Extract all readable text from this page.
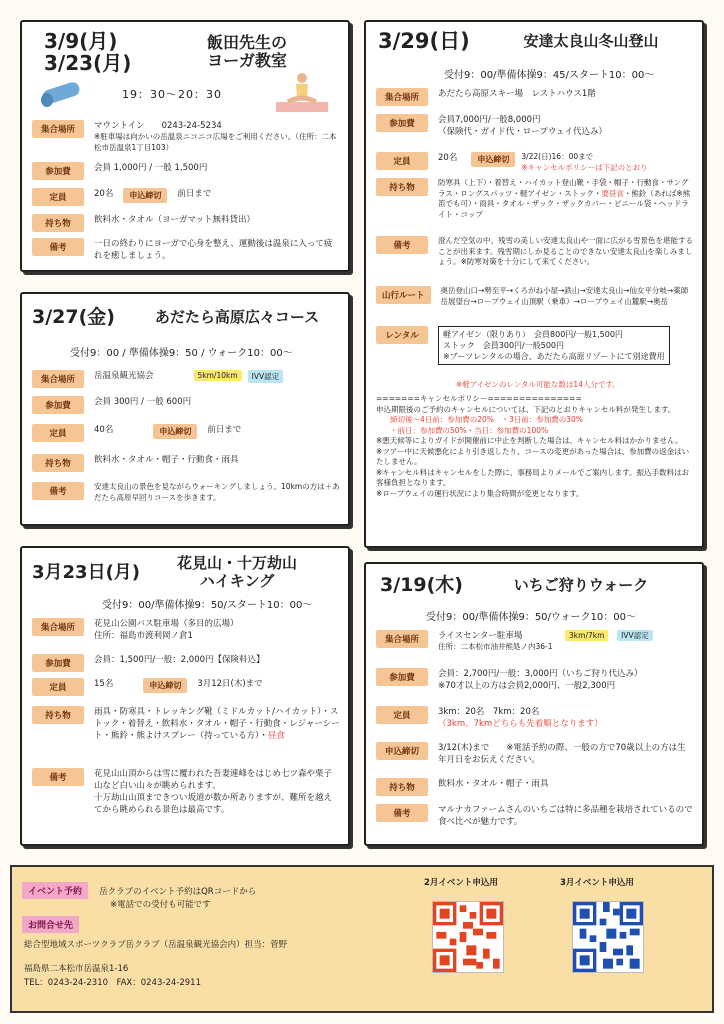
3/9(月)
3/23(月)
飯田先生の
ヨーガ教室
19：30〜20：30
集合場所	マウントイン　　0243-24-5234
※駐車場は向かいの岳温泉ニコニコ広場をご利用ください。（住所：二本松市岳温泉1丁目103）
参加費	会員 1,000円 / 一般 1,500円
定員	20名	申込締切	前日まで
持ち物	飲料水・タオル（ヨーガマット無料貸出）
備考	一日の終わりにヨーガで心身を整え、運動後は温泉に入って疲れを癒しましょう。
3/27(金)	あだたら高原広々コース
受付9：00 / 準備体操9：50 / ウォーク10：00〜
集合場所	岳温泉観光協会	5km/10km	IVV認定
参加費	会員 300円 / 一般 600円
定員	40名	申込締切	前日まで
持ち物	飲料水・タオル・帽子・行動食・雨具
備考
安達太良山の景色を見ながらウォーキングしましょう。10kmの方は＋あだたら高原早回りコースを歩きます。
3月23日(月)	花見山・十万劫山
ハイキング
受付9：00/準備体操9：50/スタート10：00〜
集合場所	花見山公園バス駐車場（多目的広場）
住所：福島市渡利岡ノ倉1
参加費	会員：1,500円/一般：2,000円【保険料込】
定員	15名	申込締切	3月12日(木)まで
持ち物	雨具・防寒具・トレッキング靴（ミドルカット/ハイカット）・ストック・着替え・飲料水・タオル・帽子・行動食・レジャーシート・熊鈴・熊よけスプレー（持っている方）・昼食
備考	花見山山頂からは雪に覆われた吾妻連峰をはじめ七ツ森や栗子山など白い山々が眺められます。
十万劫山山頂まできつい坂道が数か所ありますが、難所を越えてから眺められる景色は最高です。
3/29(日)	安達太良山冬山登山
受付9：00/準備体操9：45/スタート10：00〜
集合場所	あだたら高原スキー場　レストハウス1階
参加費	会員7,000円/一般8,000円
（保険代・ガイド代・ロープウェイ代込み）
定員	20名	申込締切	3/22(日)16：00まで
※キャンセルポリシーは下記のとおり
持ち物
防寒具（上下）・着替え・ハイカット登山靴・手袋・帽子・行動食・サングラス・ロングスパッツ・軽アイゼン・ストック・要昼食・熊鈴（あれば※熊笛でも可）・雨具・タオル・ザック・ザックカバー・ビニール袋・ヘッドライト・コップ
備考
澄んだ空気の中、残雪の美しい安達太良山や一面に広がる雪景色を堪能することが出来ます。残雪期にしか見ることのできない安達太良山を楽しみましょう。※防寒対策を十分にして来てください。
山行ルート
奥岳登山口→勢至平→くろがね小屋→鉄山→安達太良山→仙女平分岐→薬師岳展望台→ロープウェイ山頂駅（乗車）→ロープウェイ山麓駅→奥岳
レンタル	軽アイゼン（限りあり）　会員800円/一般1,500円
ストック　会員300円/一般500円
※ブーツレンタルの場合、あだたら高原リゾートにて別途費用
※軽アイゼンのレンタル可能な数は14人分です。
=======キャンセルポリシー===============
申込期限後のご予約のキャンセルについては、下記のとおりキャンセル料が発生します。
締切後〜4日前：参加費の20%　・3日前：参加費の30%
・前日：参加費の50%・当日：参加費の100%
※悪天候等によりガイドが開催前に中止を判断した場合は、キャンセル料はかかりません。
※ツアー中に天候悪化により引き返したり、コースの変更があった場合は、参加費の返金はいたしません。
※キャンセル料はキャンセルをした際に、事務局よりメールでご案内します。振込手数料はお客様負担となります。
※ロープウェイの運行状況により集合時間が変更となります。
3/19(木)	いちご狩りウォーク
受付9：00/準備体操9：50/ウォーク10：00〜
集合場所	ライスセンター駐車場	3km/7km IVV認定
住所：二本松市油井熊処ノ内36-1
参加費	会員：2,700円/一般：3,000円（いちご狩り代込み）
※70才以上の方は会員2,000円、一般2,300円
定員	3km：20名　7km：20名
（3km、7kmどちらも先着順となります）
申込締切	3/12(木)まで　　※電話予約の際、一般の方で70歳以上の方は生年月日をお伝えください。
持ち物	飲料水・タオル・帽子・雨具
備考	マルナカファームさんのいちごは特に多品種を栽培されているので食べ比べが魅力です。
イベント予約 岳クラブのイベント予約はQRコードから
※電話での受付も可能です
お問合せ先
総合型地域スポーツクラブ岳クラブ（岳温泉観光協会内）担当：菅野
福島県二本松市岳温泉1-16
TEL：0243-24-2310　FAX：0243-24-2911
2月イベント申込用	3月イベント申込用
